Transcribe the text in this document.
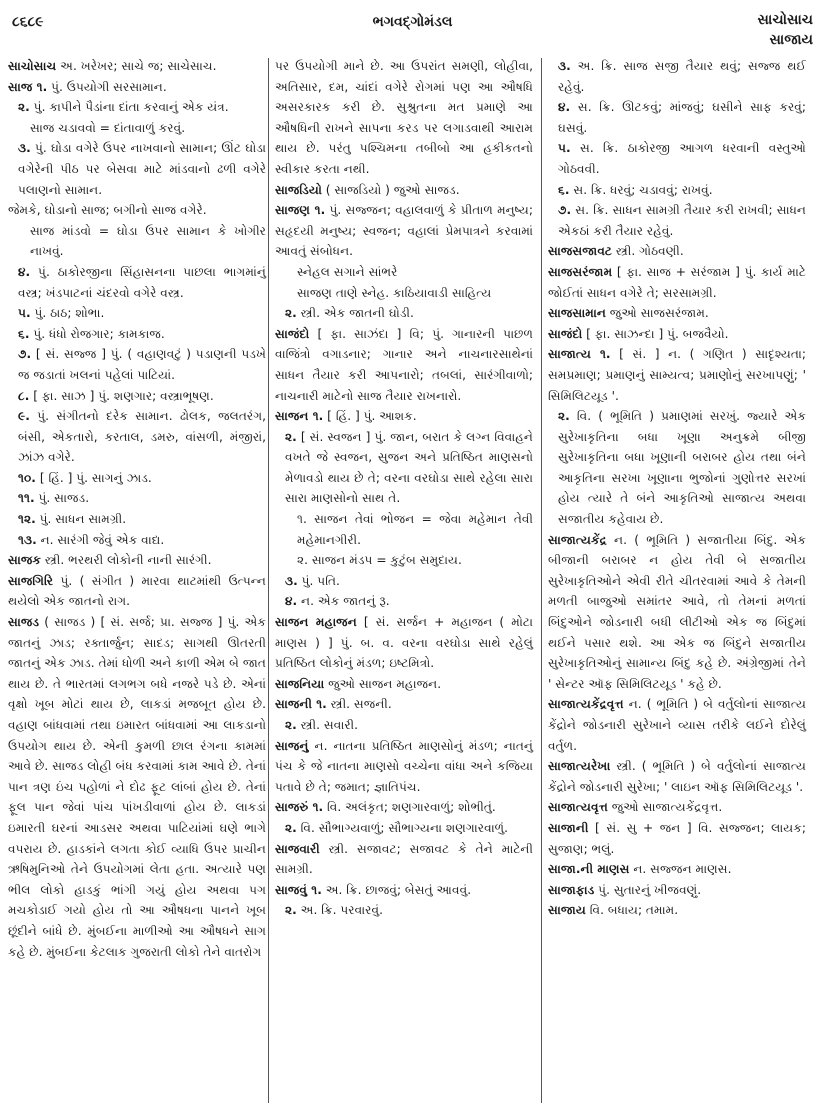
૮૬૮૯	ભગવદ્ગોમંડલ	સાચોસાચ
સાજાય

સાચોસાચ અ. ખરેખર; સાચે જ; સાચેસાચ.

સાજ ૧. પું. ઉપયોગી સરસામાન.

૨. પું. કાપીને પૈડાંના દાંતા કરવાનું એક યંત્ર.

સાજ ચડાવવો = દાંતાવાળું કરવું.

૩. પું. ઘોડા વગેરે ઉપર નાખવાનો સામાન; ઊંટ ઘોડા વગેરેની પીઠ પર બેસવા માટે માંડવાનો ઢળી વગેરે પલાણનો સામાન.

જેમકે, ઘોડાનો સાજ; બગીનો સાજ વગેરે.

સાજ માંડવો = ઘોડા ઉપર સામાન કે ખોગીર નાખવું.

૪. પું. ઠાકોરજીના સિંહાસનના પાછલા ભાગમાંનું વસ્ત્ર; ખંડપાટનાં ચંદરવો વગેરે વસ્ત્ર.

૫. પું. ઠાઠ; શોભા.

૬. પું. ધંધો રોજગાર; કામકાજ.

૭. [ સં. સજ્જ ] પું. ( વહાણવટું ) પડાણની પડખે જ જડાતાં ખલનાં પહેલાં પાટિયાં.

૮. [ ફા. સાઝ ] પું. શણગાર; વસ્ત્રાભૂષણ.

૯. પું. સંગીતનો દરેક સામાન. ઢોલક, જલતરંગ, બંસી, એકતારો, કરતાલ, ડમરુ, વાંસળી, મંજીરાં, ઝાંઝ વગેરે.

૧૦. [ હિં. ] પું. સાગનું ઝાડ.

૧૧. પું. સાજડ.

૧૨. પું. સાધન સામગ્રી.

૧૩. ન. સારંગી જેવું એક વાદ્ય.

સાજક સ્ત્રી. ભરથરી લોકોની નાની સારંગી.

સાજગિરિ પું. ( સંગીત ) મારવા થાટમાંથી ઉત્પન્ન થયેલો એક જાતનો રાગ.

સાજડ ( સાજડ ) [ સં. સર્જ; પ્રા. સજ્જ ] પું. એક જાતનું ઝાડ; રક્તાર્જુન; સાદડ; સાગથી ઊતરતી જાતનું એક ઝાડ. તેમાં ધોળી અને કાળી એમ બે જાત થાય છે. તે ભારતમાં લગભગ બધે નજરે પડે છે. એનાં વૃક્ષો ખૂબ મોટાં થાય છે, લાકડાં મજબૂત હોય છે. વહાણ બાંધવામાં તથા ઇમારત બાંધવામાં આ લાકડાનો ઉપયોગ થાય છે. એની કુમળી છાલ રંગના કામમાં આવે છે. સાજડ લોહી બંધ કરવામાં કામ આવે છે. તેનાં પાન ત્રણ ઇંચ પહોળાં ને દોઢ ફૂટ લાંબાં હોય છે. તેનાં ફૂલ પાન જેવાં પાંચ પાંખડીવાળાં હોય છે. લાકડાં ઇમારતી ઘરનાં આડસર અથવા પાટિયાંમાં ઘણે ભાગે વપરાય છે. હાડકાંને લગતા કોઈ વ્યાધિ ઉપર પ્રાચીન ઋષિમુનિઓ તેને ઉપયોગમાં લેતા હતા. અત્યારે પણ ભીલ લોકો હાડકું ભાંગી ગયું હોય અથવા પગ મચકોડાઈ ગયો હોય તો આ ઔષધના પાનને ખૂબ છૂંદીને બાંધે છે. મુંબઈના માળીઓ આ ઔષધને સાગ કહે છે. મુંબઈના કેટલાક ગુજરાતી લોકો તેને વાતરોગ

પર ઉપયોગી માને છે. આ ઉપરાંત સમણી, લોહીવા, અતિસાર, દમ, ચાંદાં વગેરે રોગમાં પણ આ ઔષધિ અસરકારક કરી છે. સુશ્રુતના મત પ્રમાણે આ ઔષધિની રાખને સાપના કરડ પર લગાડવાથી આરામ થાય છે. પરંતુ પશ્ચિમના તબીબો આ હકીકતનો સ્વીકાર કરતા નથી.

સાજડિયો ( સાજડિયો ) જુઓ સાજડ.

સાજણ ૧. પું. સજ્જન; વહાલવાળું કે પ્રીતાળ મનુષ્ય; સહૃદયી મનુષ્ય; સ્વજન; વહાલાં પ્રેમપાત્રને કરવામાં આવતું સંબોધન.

સ્નેહલ સગાને સાંભરે

સાજણ તાણે સ્નેહ. કાઠિયાવાડી સાહિત્ય

૨. સ્ત્રી. એક જાતની ઘોડી.

સાજંદો [ ફા. સાઝંદા ] વિ; પું. ગાનારની પાછળ વાજિંત્રો વગાડનાર; ગાનાર અને નાચનારસાથેનાં સાધન તૈયાર કરી આપનારો; તબલાં, સારંગીવાળો; નાચનારી માટેનો સાજ તૈયાર રાખનારો.

સાજન ૧. [ હિં. ] પું. આશક.

૨. [ સં. સ્વજન ] પું. જાન, બરાત કે લગ્ન વિવાહને વખતે જે સ્વજન, સુજન અને પ્રતિષ્ઠિત માણસનો મેળાવડો થાય છે તે; વરના વરઘોડા સાથે રહેલા સારા સારા માણસોનો સાથ તે.

૧. સાજન તેવાં ભોજન = જેવા મહેમાન તેવી મહેમાનગીરી.

૨. સાજન મંડપ = કુટુંબ સમુદાય.

૩. પું. પતિ.

૪. ન. એક જાતનું રૂ.

સાજન મહાજન [ સં. સર્જન + મહાજન ( મોટા માણસ ) ] પું. બ. વ. વરના વરઘોડા સાથે રહેલું પ્રતિષ્ઠિત લોકોનું મંડળ; ઇષ્ટમિત્રો.

સાજનિયા જુઓ સાજન મહાજન.

સાજની ૧. સ્ત્રી. સજની.

૨. સ્ત્રી. સવારી.

સાજનું ન. નાતના પ્રતિષ્ઠિત માણસોનું મંડળ; નાતનું પંચ કે જે નાતના માણસો વચ્ચેના વાંધા અને કજિયા પતાવે છે તે; જમાત; જ્ઞાતિપંચ.

સાજરું ૧. વિ. અલંકૃત; શણગારવાળું; શોભીતું.

૨. વિ. સૌભાગ્યવાળું; સૌભાગ્યના શણગારવાળું.

સાજવારી સ્ત્રી. સજાવટ; સજાવટ કે તેને માટેની સામગ્રી.

સાજવું ૧. અ. ક્રિ. છાજવું; બેસતું આવવું.

૨. અ. ક્રિ. પરવારવું.

૩. અ. ક્રિ. સાજ સજી તૈયાર થવું; સજ્જ થઈ રહેવું.

૪. સ. ક્રિ. ઊટકવું; માંજવું; ઘસીને સાફ કરવું; ઘસવું.

૫. સ. ક્રિ. ઠાકોરજી આગળ ધરવાની વસ્તુઓ ગોઠવવી.

૬. સ. ક્રિ. ધરવું; ચડાવવું; રાખવું.

૭. સ. ક્રિ. સાધન સામગ્રી તૈયાર કરી રાખવી; સાધન એકઠાં કરી તૈયાર રહેવું.

સાજસજાવટ સ્ત્રી. ગોઠવણી.

સાજસરંજામ [ ફા. સાજ + સરંજામ ] પું. કાર્ય માટે જોઈતાં સાધન વગેરે તે; સરસામગ્રી.

સાજસામાન જુઓ સાજસરંજામ.

સાજંદો [ ફા. સાઝન્દા ] પું. બજવૈયો.

સાજાત્ય ૧. [ સં. ] ન. ( ગણિત ) સાદૃશ્યતા; સમપ્રમાણ; પ્રમાણનું સામ્યત્વ; પ્રમાણોનું સરખાપણું; ' સિમિલિટયૂડ '.

૨. વિ. ( ભૂમિતિ ) પ્રમાણમાં સરખું. જ્યારે એક સુરેખાકૃતિના બધા ખૂણા અનુક્રમે બીજી સુરેખાકૃતિના બધા ખૂણાની બરાબર હોય તથા બંને આકૃતિના સરખા ખૂણાના ભુજોનાં ગુણોત્તર સરખાં હોય ત્યારે તે બંને આકૃતિઓ સાજાત્ય અથવા સજાતીય કહેવાય છે.

સાજાત્યકેંદ્ર ન. ( ભૂમિતિ ) સજાતીયા બિંદુ. એક બીજાની બરાબર ન હોય તેવી બે સજાતીય સુરેખાકૃતિઓને એવી રીતે ચીતરવામાં આવે કે તેમની મળતી બાજુઓ સમાંતર આવે, તો તેમનાં મળતાં બિંદુઓને જોડનારી બધી લીટીઓ એક જ બિંદુમાં થઈને પસાર થશે. આ એક જ બિંદુને સજાતીય સુરેખાકૃતિઓનું સામાન્ય બિંદુ કહે છે. અંગ્રેજીમાં તેને ' સેન્ટર ઑફ સિમિલિટયૂડ ' કહે છે.

સાજાત્યકેંદ્રવૃત્ત ન. ( ભૂમિતિ ) બે વર્તુલોનાં સાજાત્ય કેંદ્રોને જોડનારી સુરેખાને વ્યાસ તરીકે લઈને દોરેલું વર્તુળ.

સાજાત્યરેખા સ્ત્રી. ( ભૂમિતિ ) બે વર્તુલોનાં સાજાત્ય કેંદ્રોને જોડનારી સુરેખા; ' લાઇન ઑફ સિમિલિટયૂડ '.

સાજાત્યવૃત્ત જુઓ સાજાત્યકેંદ્રવૃત્ત.

સાજાની [ સં. સુ + જન ] વિ. સજ્જન; લાયક; સુજાણ; ભલું.

સાજા.ની માણસ ન. સજ્જન માણસ.

સાજાફાડ પું. સુતારનું ખીજવણું.

સાજાય વિ. બધાય; તમામ.
